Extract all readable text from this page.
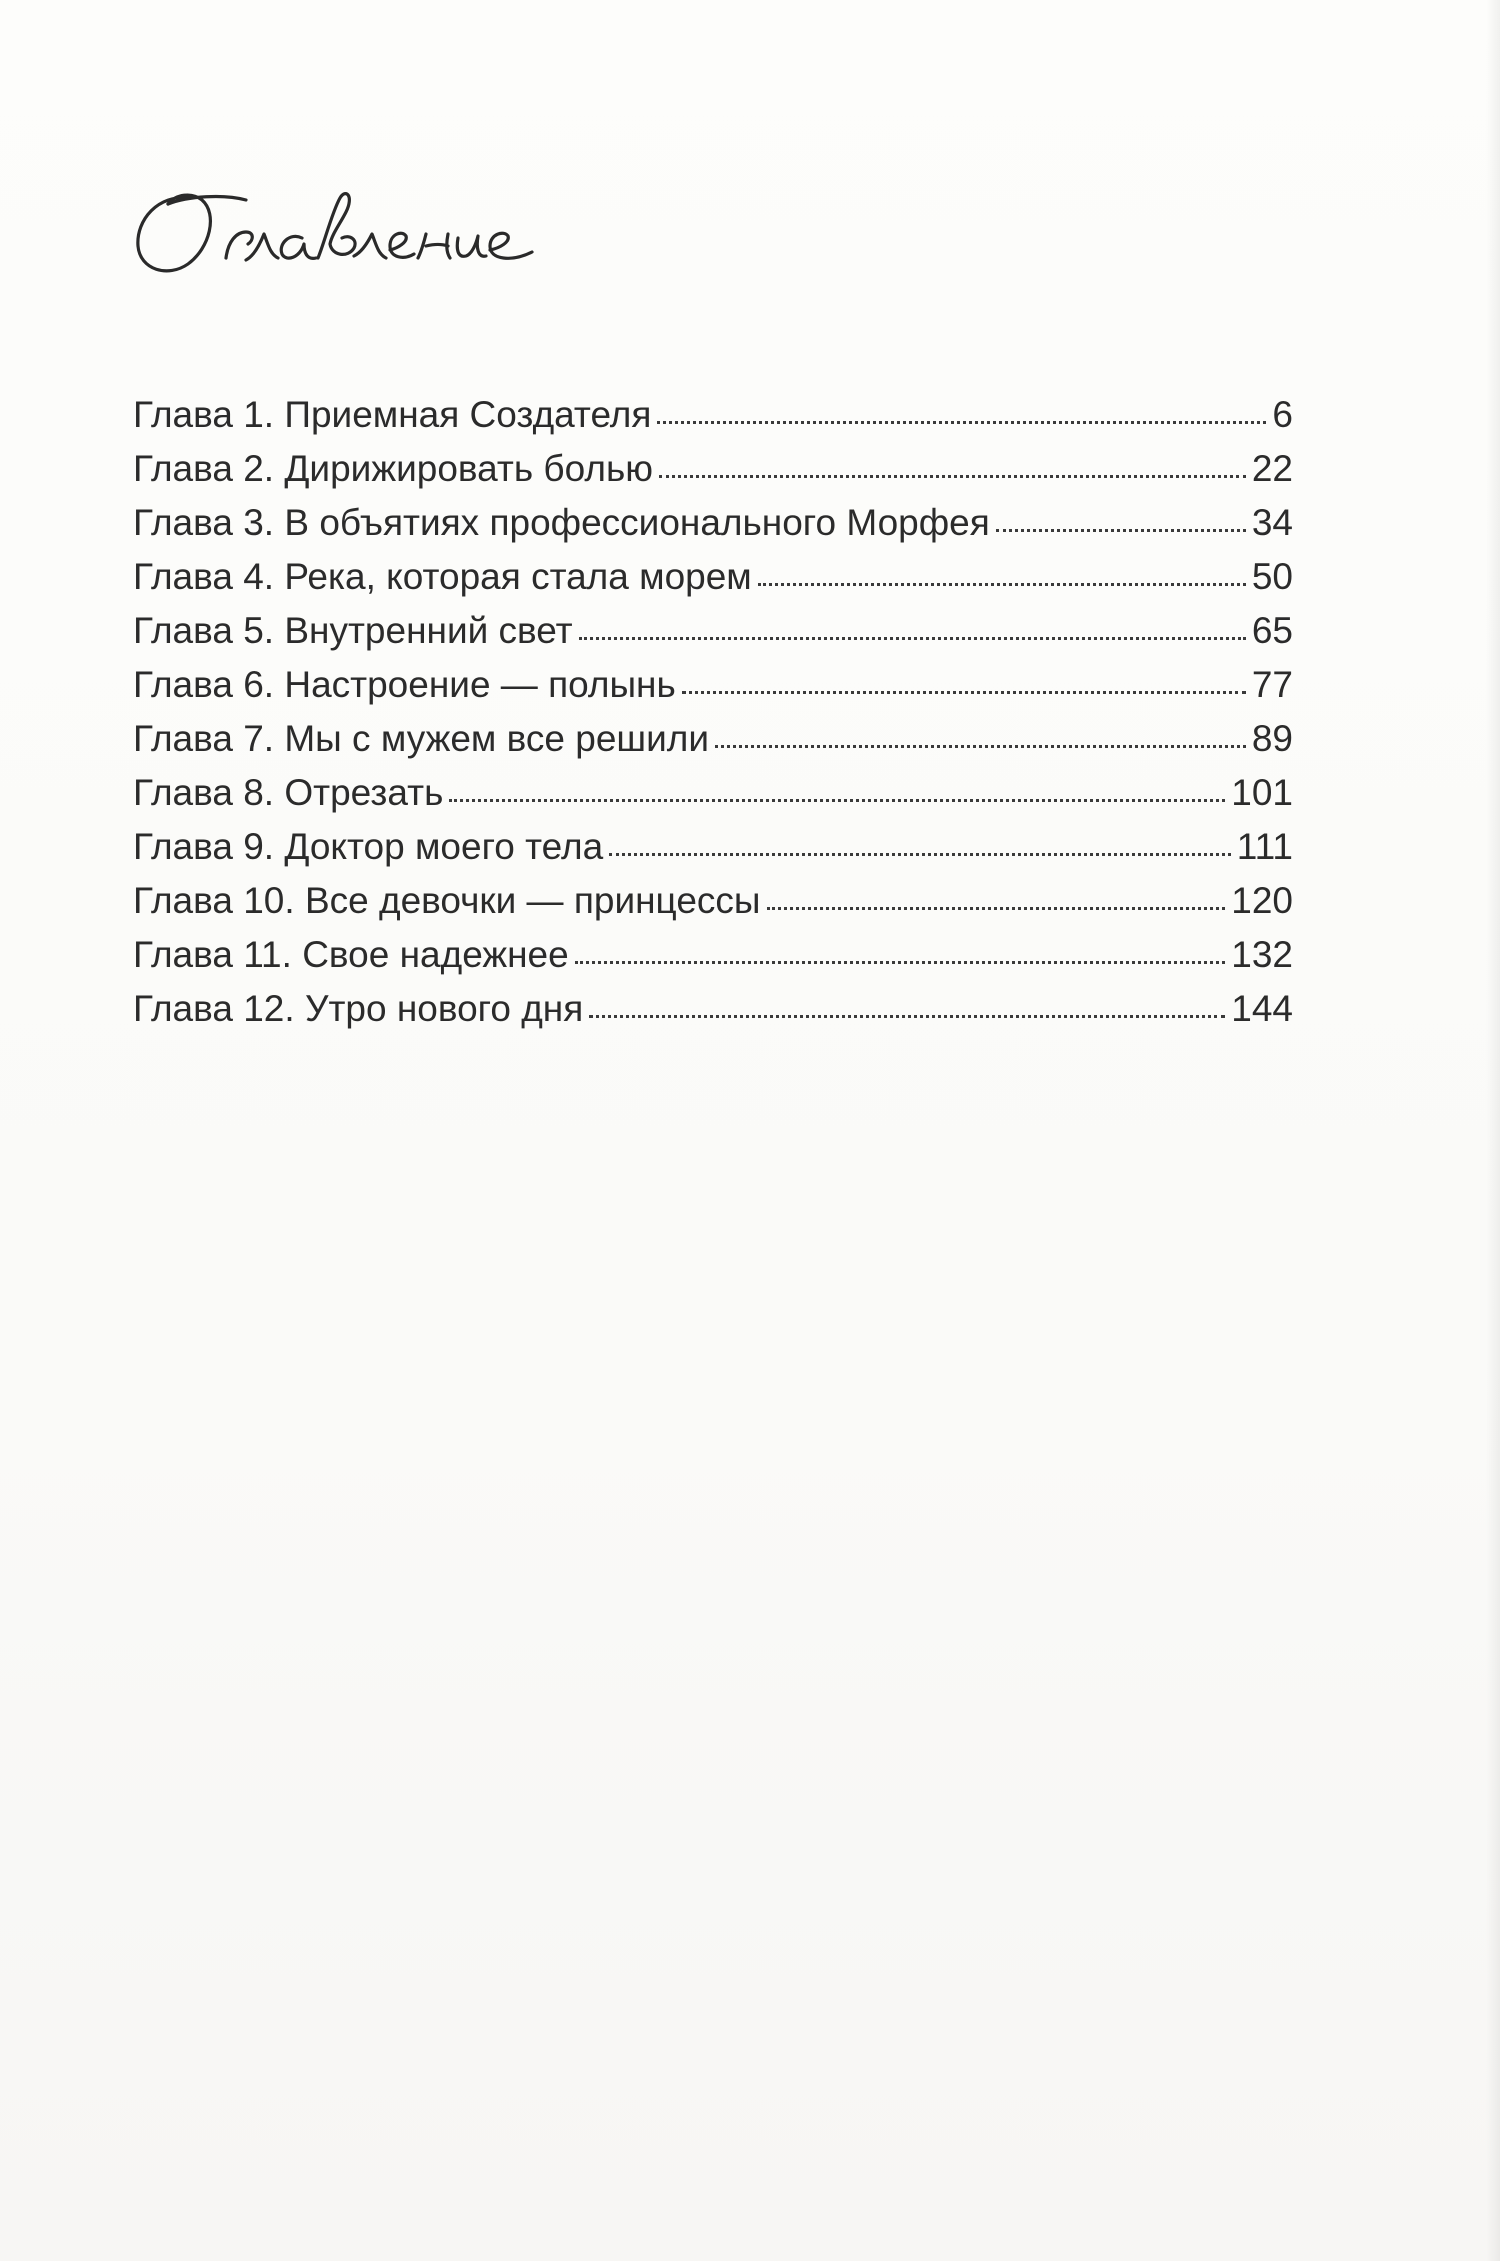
Глава 1. Приемная Создателя	6
Глава 2. Дирижировать болью	22
Глава 3. В объятиях профессионального Морфея	34
Глава 4. Река, которая стала морем	50
Глава 5. Внутренний свет	65
Глава 6. Настроение — полынь	77
Глава 7. Мы с мужем все решили	89
Глава 8. Отрезать	101
Глава 9. Доктор моего тела	111
Глава 10. Все девочки — принцессы	120
Глава 11. Свое надежнее	132
Глава 12. Утро нового дня	144
